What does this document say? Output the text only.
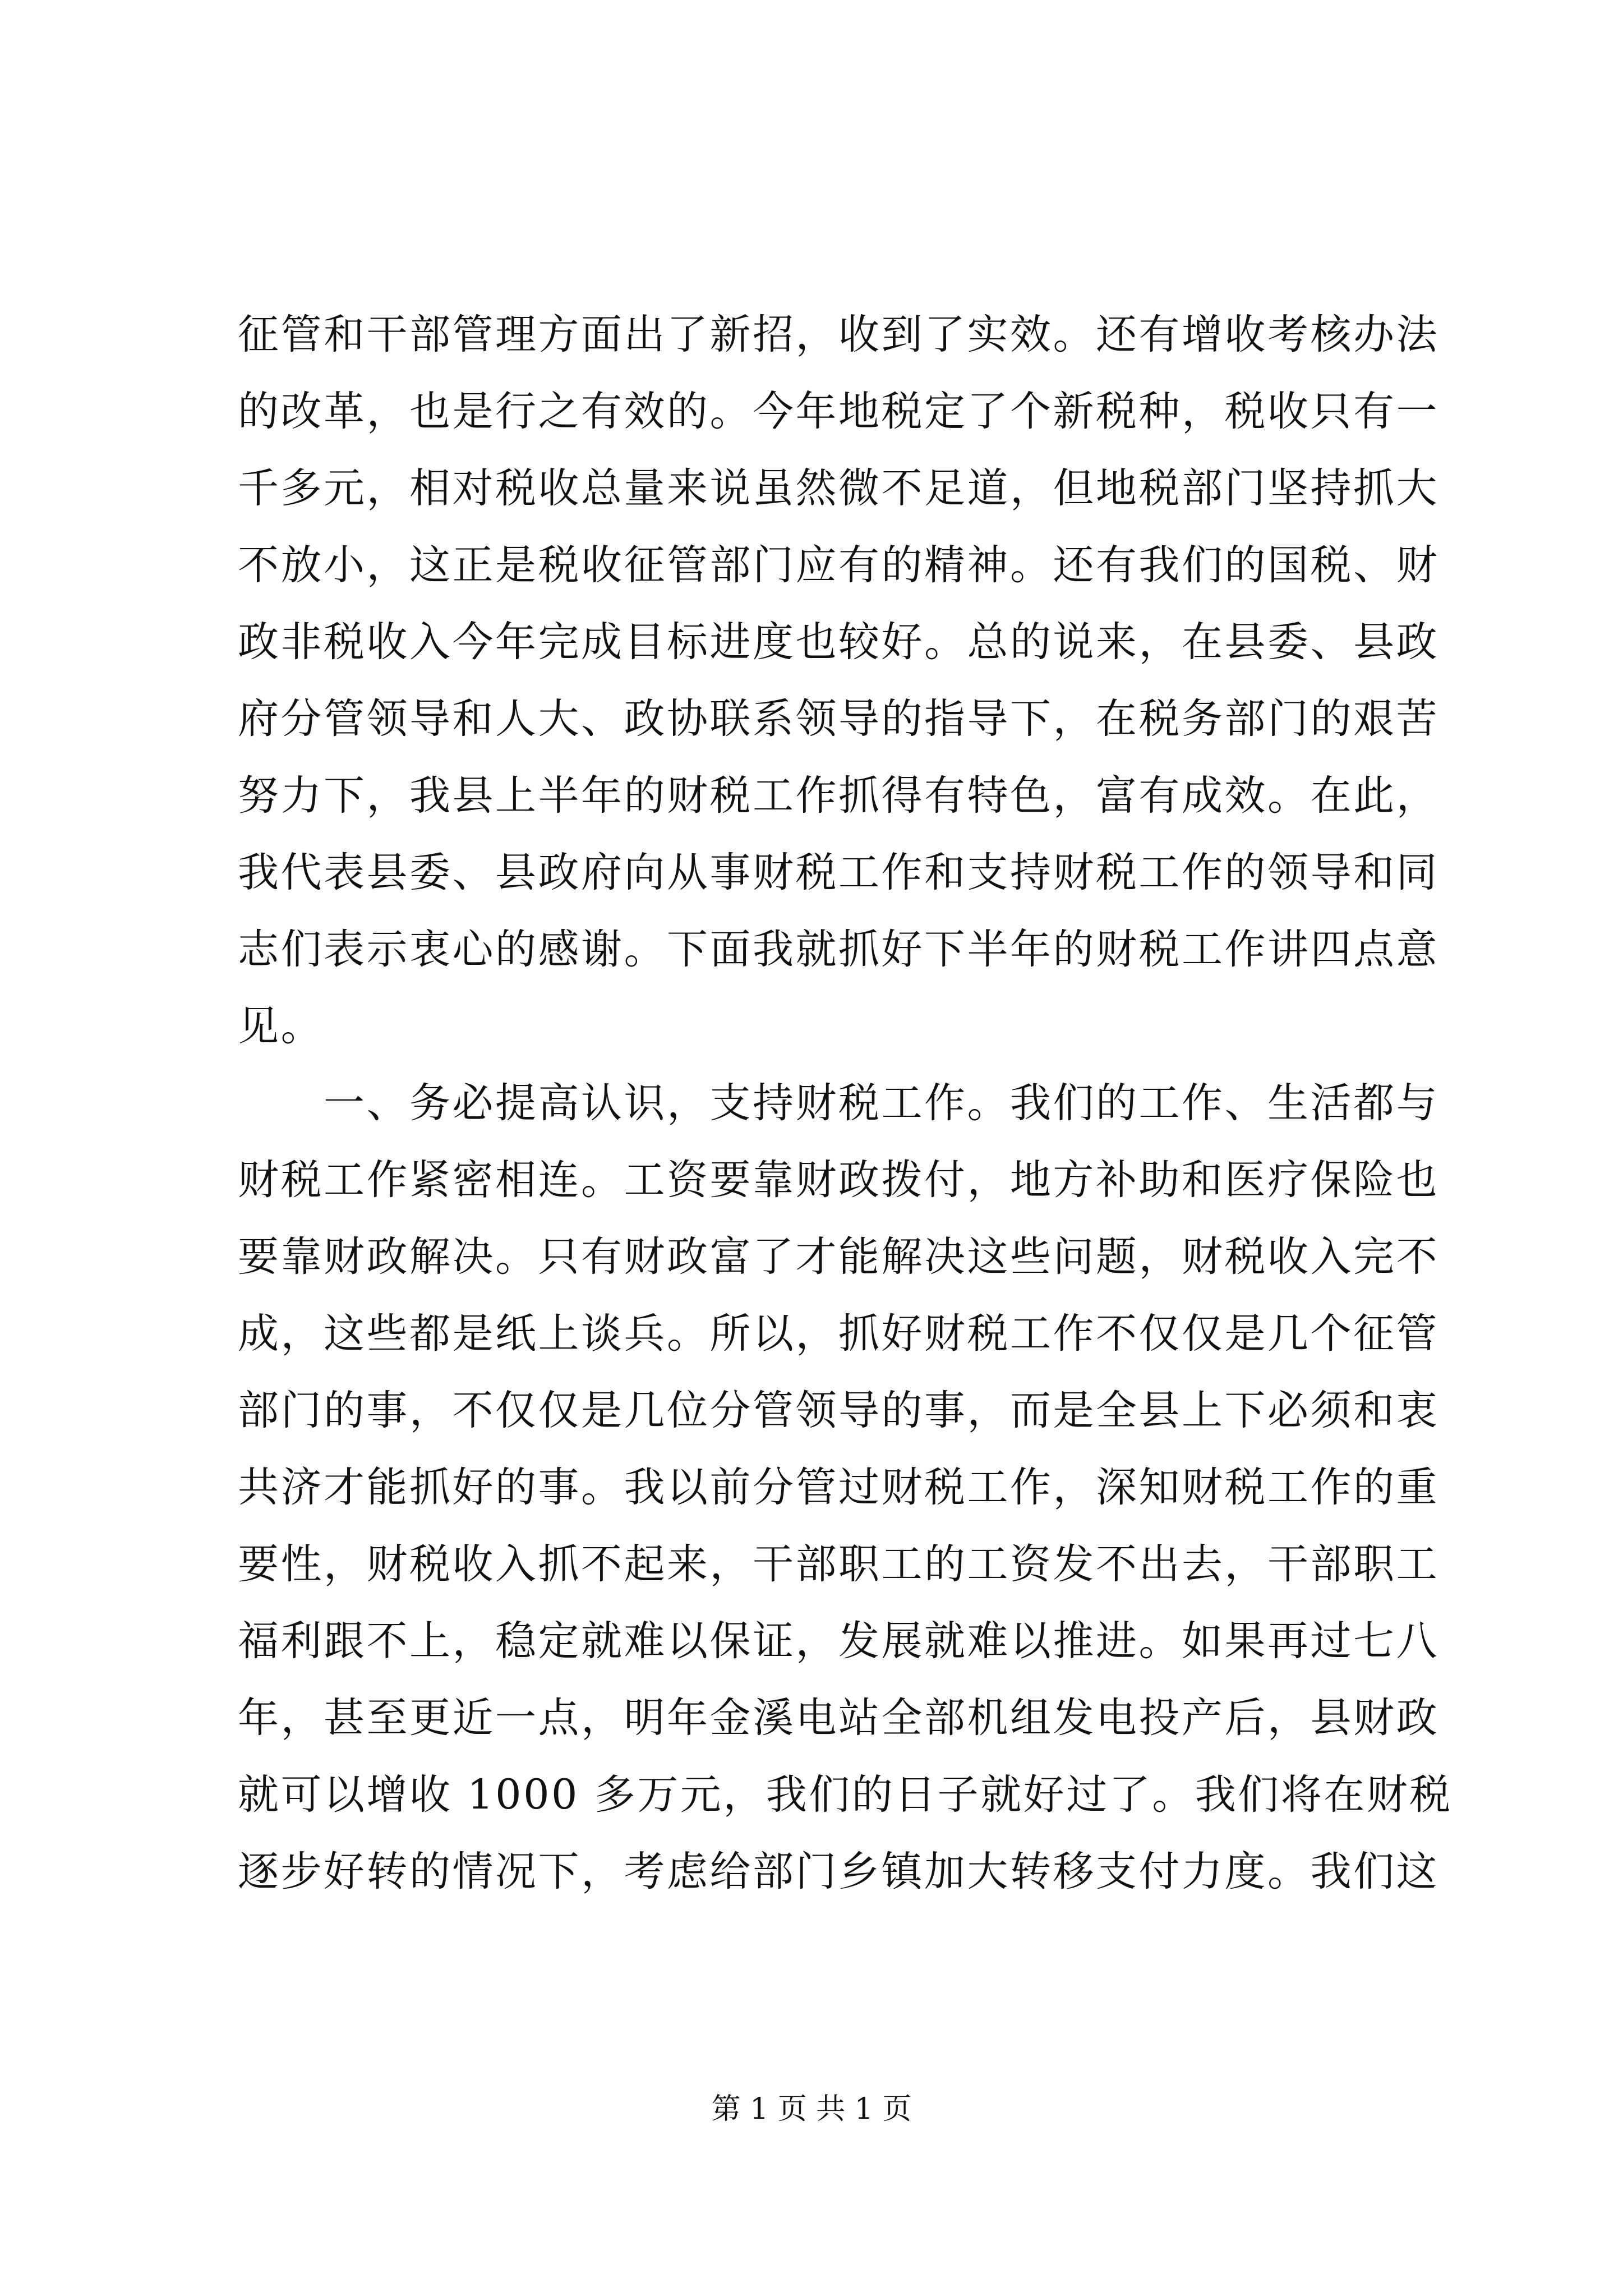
征管和干部管理方面出了新招，收到了实效。还有增收考核办法
的改革，也是行之有效的。今年地税定了个新税种，税收只有一
千多元，相对税收总量来说虽然微不足道，但地税部门坚持抓大
不放小，这正是税收征管部门应有的精神。还有我们的国税、财
政非税收入今年完成目标进度也较好。总的说来，在县委、县政
府分管领导和人大、政协联系领导的指导下，在税务部门的艰苦
努力下，我县上半年的财税工作抓得有特色，富有成效。在此，
我代表县委、县政府向从事财税工作和支持财税工作的领导和同
志们表示衷心的感谢。下面我就抓好下半年的财税工作讲四点意
见。
　　一、务必提高认识，支持财税工作。我们的工作、生活都与
财税工作紧密相连。工资要靠财政拨付，地方补助和医疗保险也
要靠财政解决。只有财政富了才能解决这些问题，财税收入完不
成，这些都是纸上谈兵。所以，抓好财税工作不仅仅是几个征管
部门的事，不仅仅是几位分管领导的事，而是全县上下必须和衷
共济才能抓好的事。我以前分管过财税工作，深知财税工作的重
要性，财税收入抓不起来，干部职工的工资发不出去，干部职工
福利跟不上，稳定就难以保证，发展就难以推进。如果再过七八
年，甚至更近一点，明年金溪电站全部机组发电投产后，县财政
就可以增收 1000 多万元，我们的日子就好过了。我们将在财税
逐步好转的情况下，考虑给部门乡镇加大转移支付力度。我们这
第 1 页 共 1 页
